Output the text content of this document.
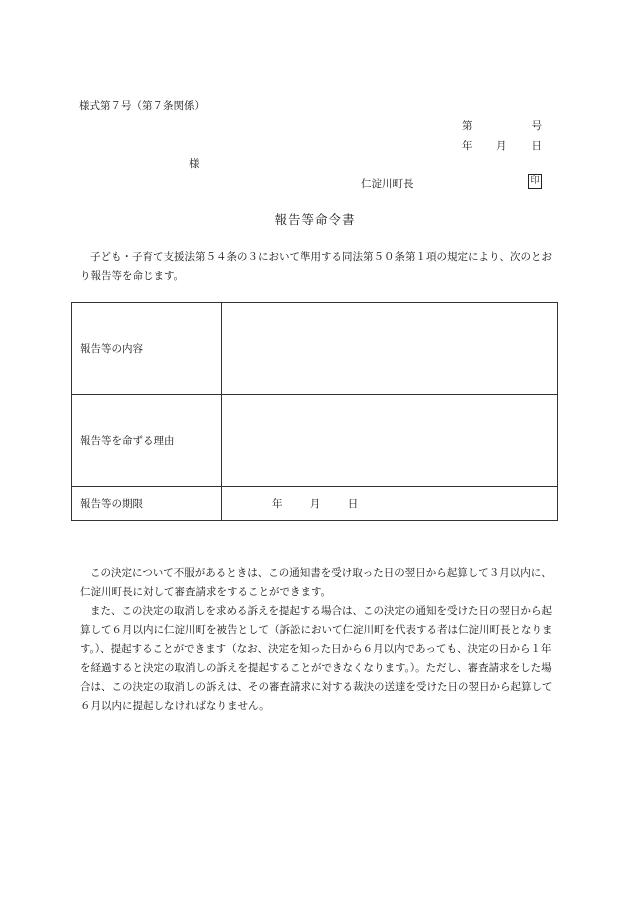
様式第７号（第７条関係）
第	号
年 月 日
様
仁淀川町長	印
報告等命令書
子ども・子育て支援法第５４条の３において準用する同法第５０条第１項の規定により、次のとおり報告等を命じます。
報告等の内容	
報告等を命ずる理由	
報告等の期限	年 月 日

この決定について不服があるときは、この通知書を受け取った日の翌日から起算して３月以内に、仁淀川町長に対して審査請求をすることができます。

また、この決定の取消しを求める訴えを提起する場合は、この決定の通知を受けた日の翌日から起算して６月以内に仁淀川町を被告として（訴訟において仁淀川町を代表する者は仁淀川町長となります。）、提起することができます（なお、決定を知った日から６月以内であっても、決定の日から１年を経過すると決定の取消しの訴えを提起することができなくなります。）。ただし、審査請求をした場合は、この決定の取消しの訴えは、その審査請求に対する裁決の送達を受けた日の翌日から起算して６月以内に提起しなければなりません。
